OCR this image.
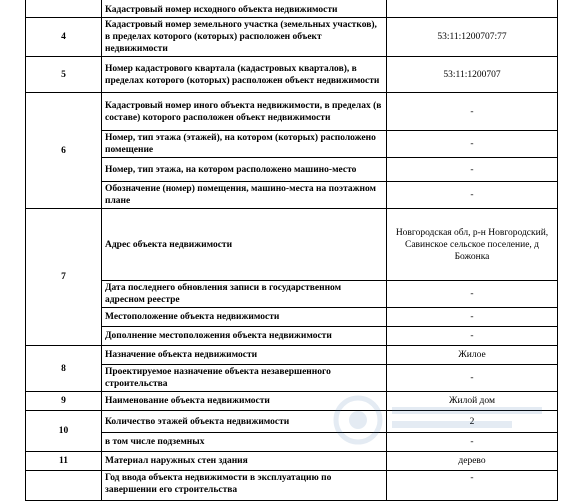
	Кадастровый номер исходного объекта недвижимости	
4	Кадастровый номер земельного участка (земельных участков), в пределах которого (которых) расположен объект недвижимости	53:11:1200707:77
5	Номер кадастрового квартала (кадастровых кварталов), в пределах которого (которых) расположен объект недвижимости	53:11:1200707
6	Кадастровый номер иного объекта недвижимости, в пределах (в составе) которого расположен объект недвижимости	-
	Номер, тип этажа (этажей), на котором (которых) расположено помещение	-
	Номер, тип этажа, на котором расположено машино-место	-
	Обозначение (номер) помещения, машино-места на поэтажном плане	-
7	Адрес объекта недвижимости	Новгородская обл, р-н Новгородский, Савинское сельское поселение, д Божонка
	Дата последнего обновления записи в государственном адресном реестре	-
	Местоположение объекта недвижимости	-
	Дополнение местоположения объекта недвижимости	-
8	Назначение объекта недвижимости	Жилое
	Проектируемое назначение объекта незавершенного строительства	-
9	Наименование объекта недвижимости	Жилой дом
10	Количество этажей объекта недвижимости	2
	в том числе подземных	-
11	Материал наружных стен здания	дерево
	Год ввода объекта недвижимости в эксплуатацию по завершении его строительства	-
